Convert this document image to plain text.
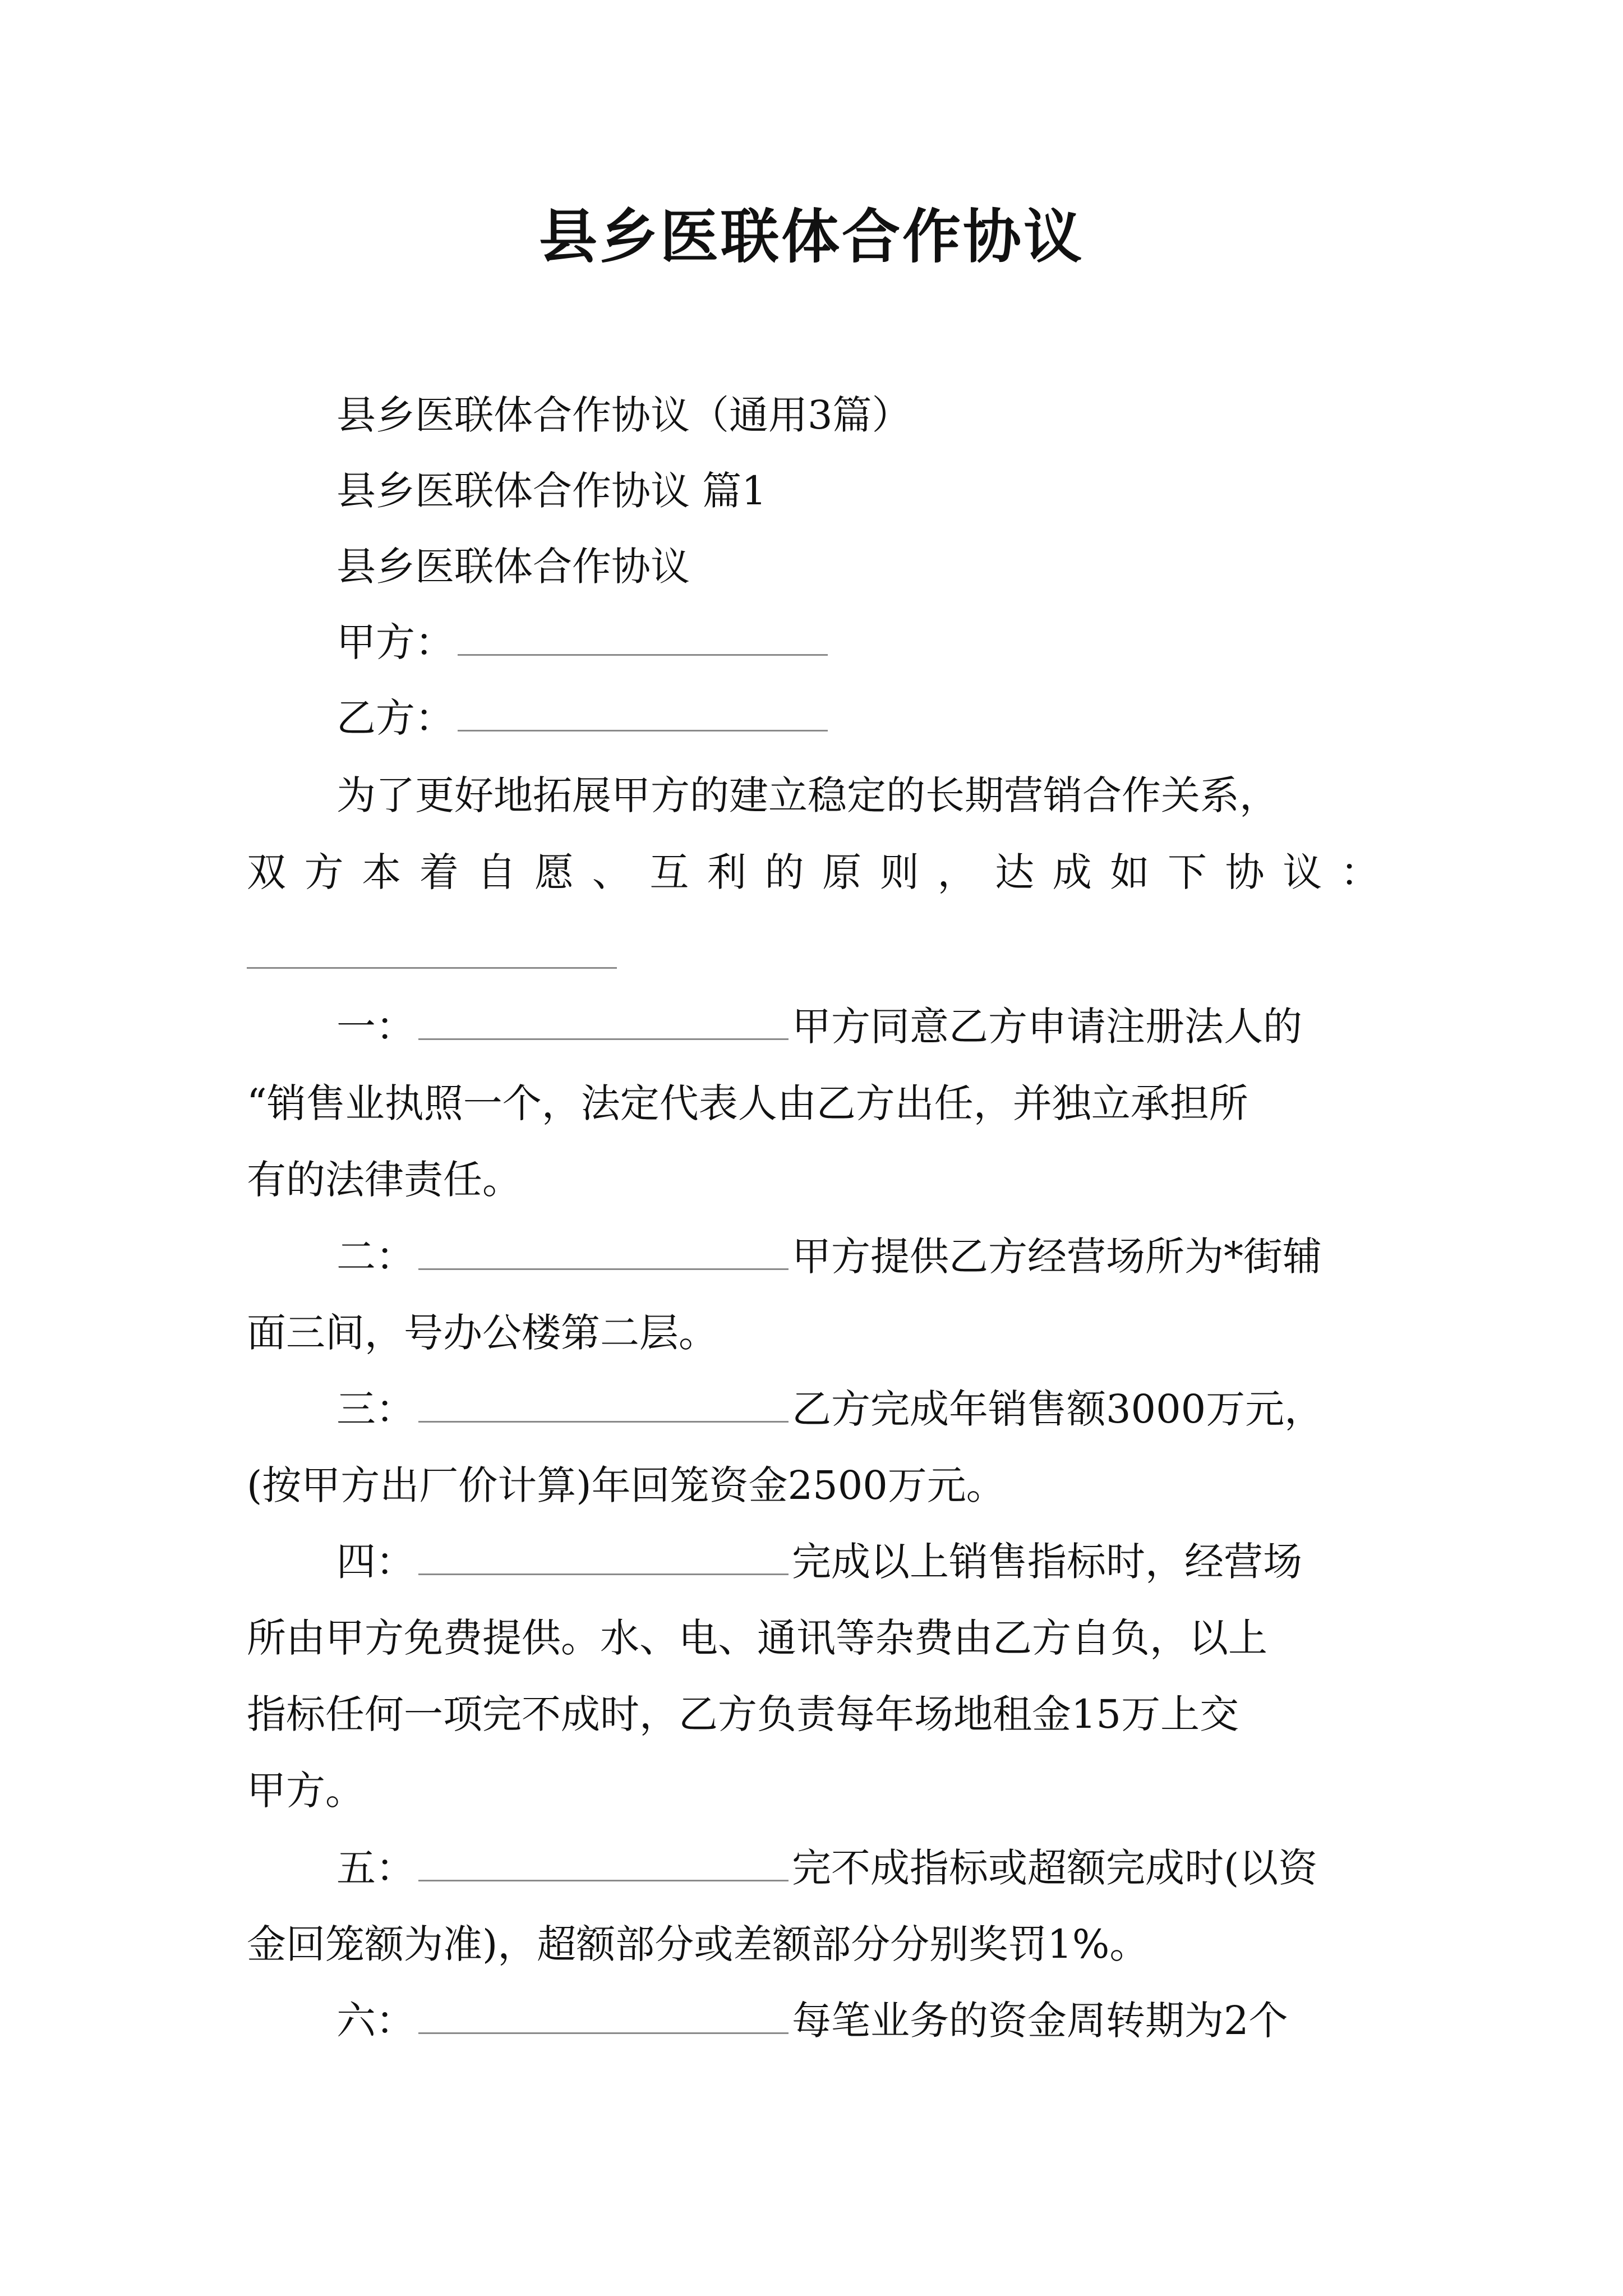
县乡医联体合作协议
县乡医联体合作协议（通用3篇）
县乡医联体合作协议 篇1
县乡医联体合作协议
甲方：
乙方：
为了更好地拓展甲方的建立稳定的长期营销合作关系，
双 方 本 着 自 愿 、 互 利 的 原 则 ， 达 成 如 下 协 议 ：
一：	甲方同意乙方申请注册法人的
“销售业执照一个，法定代表人由乙方出任，并独立承担所
有的法律责任。
二：	甲方提供乙方经营场所为*街辅
面三间，号办公楼第二层。
三：	乙方完成年销售额3000万元，
(按甲方出厂价计算)年回笼资金2500万元。
四：	完成以上销售指标时，经营场
所由甲方免费提供。水、电、通讯等杂费由乙方自负，以上
指标任何一项完不成时，乙方负责每年场地租金15万上交
甲方。
五：	完不成指标或超额完成时(以资
金回笼额为准)，超额部分或差额部分分别奖罚1%。
六：	每笔业务的资金周转期为2个
